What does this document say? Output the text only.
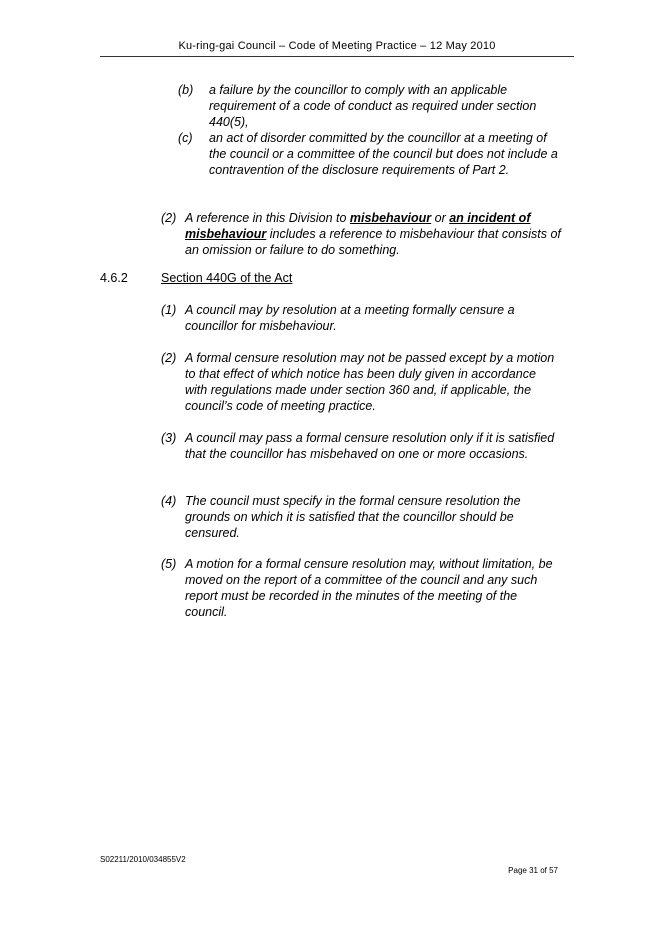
Ku-ring-gai Council – Code of Meeting Practice – 12 May 2010
(b) a failure by the councillor to comply with an applicable requirement of a code of conduct as required under section 440(5),
(c) an act of disorder committed by the councillor at a meeting of the council or a committee of the council but does not include a contravention of the disclosure requirements of Part 2.
(2) A reference in this Division to misbehaviour or an incident of misbehaviour includes a reference to misbehaviour that consists of an omission or failure to do something.
4.6.2	Section 440G of the Act
(1) A council may by resolution at a meeting formally censure a councillor for misbehaviour.
(2) A formal censure resolution may not be passed except by a motion to that effect of which notice has been duly given in accordance with regulations made under section 360 and, if applicable, the council’s code of meeting practice.
(3) A council may pass a formal censure resolution only if it is satisfied that the councillor has misbehaved on one or more occasions.
(4) The council must specify in the formal censure resolution the grounds on which it is satisfied that the councillor should be censured.
(5) A motion for a formal censure resolution may, without limitation, be moved on the report of a committee of the council and any such report must be recorded in the minutes of the meeting of the council.
S02211/2010/034855V2
Page 31 of 57
